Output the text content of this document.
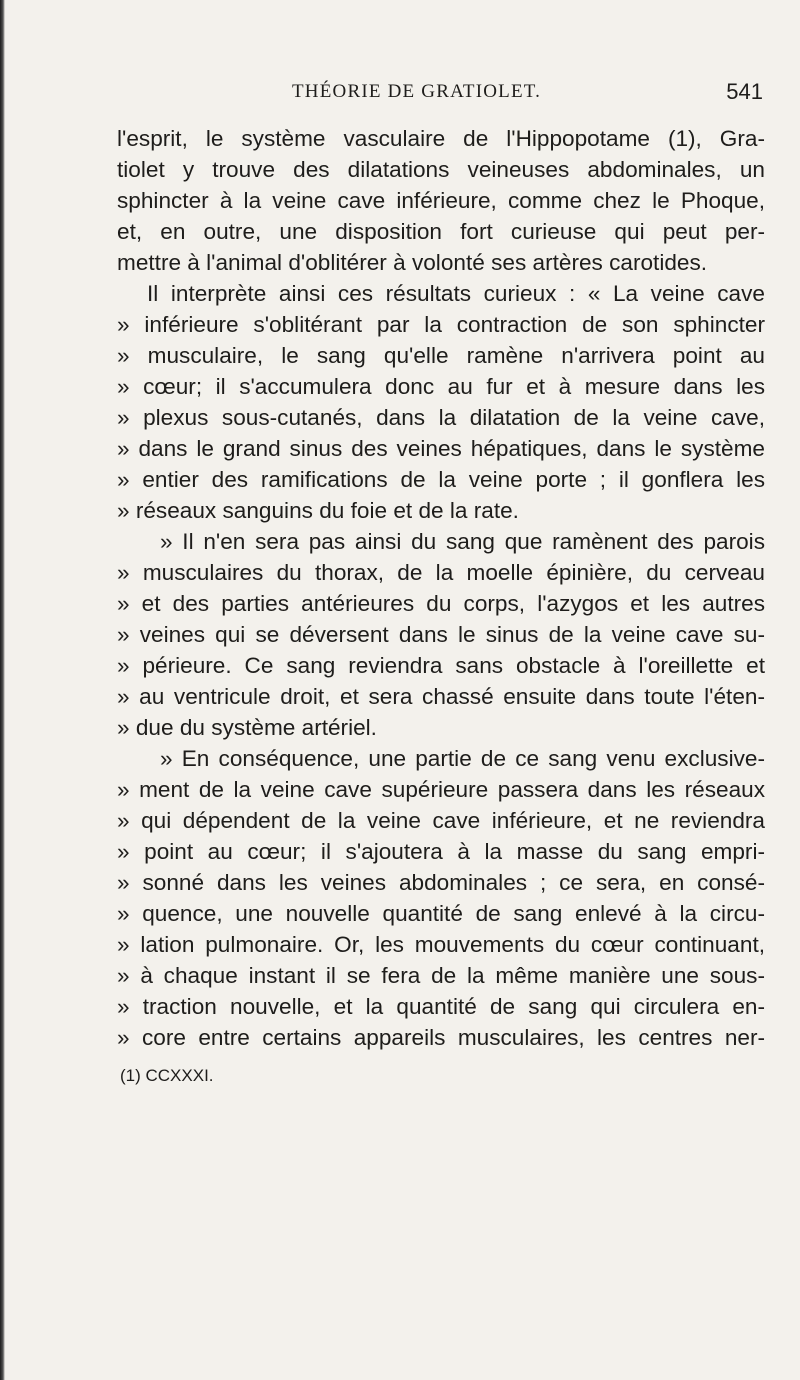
THÉORIE DE GRATIOLET.	541
l'esprit, le système vasculaire de l'Hippopotame (1), Gra-
tiolet y trouve des dilatations veineuses abdominales, un
sphincter à la veine cave inférieure, comme chez le Phoque,
et, en outre, une disposition fort curieuse qui peut per-
mettre à l'animal d'oblitérer à volonté ses artères carotides.
Il interprète ainsi ces résultats curieux : « La veine cave
» inférieure s'oblitérant par la contraction de son sphincter
» musculaire, le sang qu'elle ramène n'arrivera point au
» cœur; il s'accumulera donc au fur et à mesure dans les
» plexus sous-cutanés, dans la dilatation de la veine cave,
» dans le grand sinus des veines hépatiques, dans le système
» entier des ramifications de la veine porte ; il gonflera les
» réseaux sanguins du foie et de la rate.
» Il n'en sera pas ainsi du sang que ramènent des parois
» musculaires du thorax, de la moelle épinière, du cerveau
» et des parties antérieures du corps, l'azygos et les autres
» veines qui se déversent dans le sinus de la veine cave su-
» périeure. Ce sang reviendra sans obstacle à l'oreillette et
» au ventricule droit, et sera chassé ensuite dans toute l'éten-
» due du système artériel.
» En conséquence, une partie de ce sang venu exclusive-
» ment de la veine cave supérieure passera dans les réseaux
» qui dépendent de la veine cave inférieure, et ne reviendra
» point au cœur; il s'ajoutera à la masse du sang empri-
» sonné dans les veines abdominales ; ce sera, en consé-
» quence, une nouvelle quantité de sang enlevé à la circu-
» lation pulmonaire. Or, les mouvements du cœur continuant,
» à chaque instant il se fera de la même manière une sous-
» traction nouvelle, et la quantité de sang qui circulera en-
» core entre certains appareils musculaires, les centres ner-
(1) CCXXXI.
